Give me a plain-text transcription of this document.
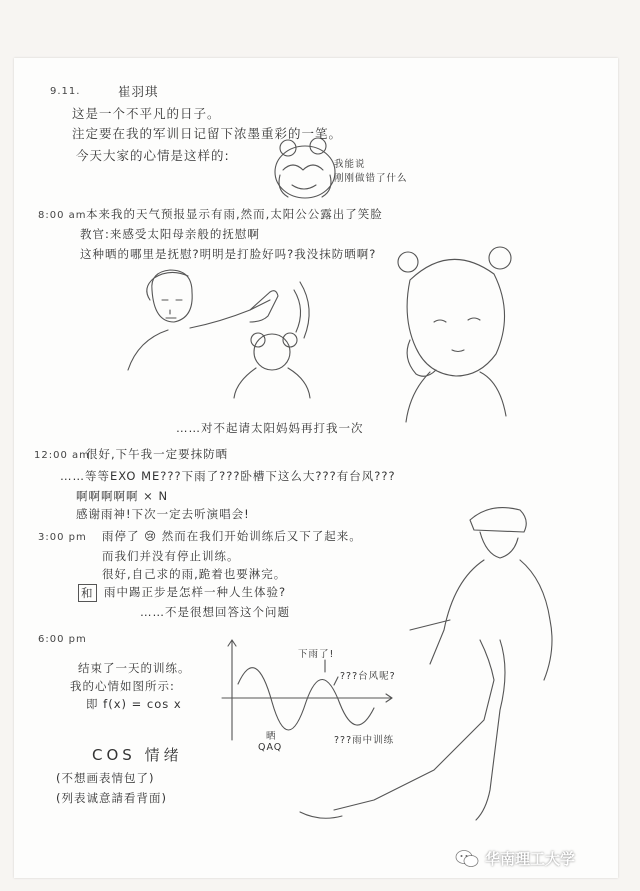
9.11.	崔羽琪
这是一个不平凡的日子。
注定要在我的军训日记留下浓墨重彩的一笔。
今天大家的心情是这样的:
我能说
刚刚做错了什么
8:00 am 本来我的天气预报显示有雨,然而,太阳公公露出了笑脸
教官:来感受太阳母亲般的抚慰啊
这种晒的哪里是抚慰?明明是打脸好吗?我没抹防晒啊?
……对不起请太阳妈妈再打我一次
12:00 am
很好,下午我一定要抹防晒
……等等EXO ME???下雨了???卧槽下这么大???有台风???
啊啊啊啊啊 × N
感谢雨神!下次一定去听演唱会!
3:00 pm 雨停了 😢 然而在我们开始训练后又下了起来。
而我们并没有停止训练。
很好,自己求的雨,跪着也要淋完。
和 雨中踢正步是怎样一种人生体验?
……不是很想回答这个问题
6:00 pm
结束了一天的训练。
我的心情如图所示:
即 f(x) = cos x
下雨了!
???台风呢?
晒
QAQ
???雨中训练
COS 情绪
(不想画表情包了)
(列表诚意請看背面)
华南理工大学
